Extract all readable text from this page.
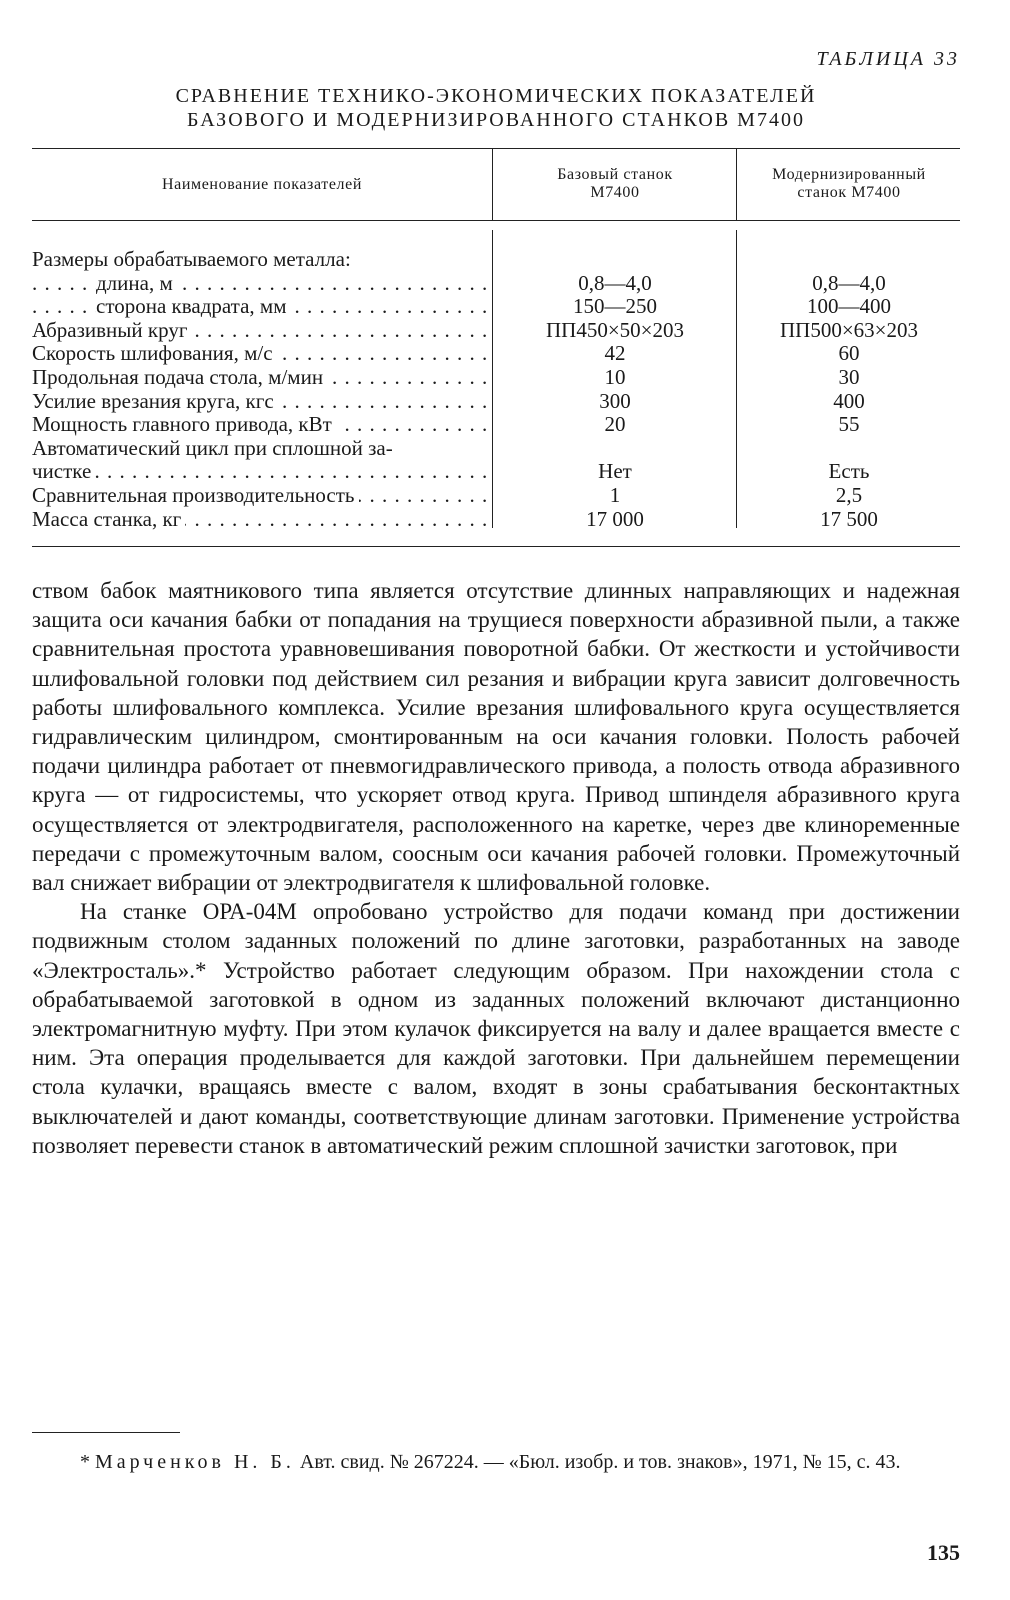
ТАБЛИЦА 33
СРАВНЕНИЕ ТЕХНИКО-ЭКОНОМИЧЕСКИХ ПОКАЗАТЕЛЕЙ
БАЗОВОГО И МОДЕРНИЗИРОВАННОГО СТАНКОВ М7400
Наименование показателей
Базовый станок
М7400
Модернизированный
станок М7400
Размеры обрабатываемого металла:
длина, м . . .
сторона квадрата, мм . . .
Абразивный круг . . .
Скорость шлифования, м/с . . .
Продольная подача стола, м/мин . . .
Усилие врезания круга, кгс . . .
Мощность главного привода, кВт . . .
Автоматический цикл при сплошной за-
чистке . . .
Сравнительная производительность . . .
Масса станка, кг . . .
0,8—4,0
150—250
ПП450×50×203
42
10
300
20
Нет
1
17 000
0,8—4,0
100—400
ПП500×63×203
60
30
400
55
Есть
2,5
17 500

ством бабок маятникового типа является отсутствие длинных направляющих и надежная защита оси качания бабки от попадания на трущиеся поверхности абразивной пыли, а также сравнительная простота уравновешивания поворотной бабки. От жесткости и устойчивости шлифовальной головки под действием сил резания и вибрации круга зависит долговечность работы шлифовального комплекса. Усилие врезания шлифовального круга осуществляется гидравлическим цилиндром, смонтированным на оси качания головки. Полость рабочей подачи цилиндра работает от пневмогидравлического привода, а полость отвода абразивного круга — от гидросистемы, что ускоряет отвод круга. Привод шпинделя абразивного круга осуществляется от электродвигателя, расположенного на каретке, через две клиноременные передачи с промежуточным валом, соосным оси качания рабочей головки. Промежуточный вал снижает вибрации от электродвигателя к шлифовальной головке.

На станке ОРА-04М опробовано устройство для подачи команд при достижении подвижным столом заданных положений по длине заготовки, разработанных на заводе «Электросталь».* Устройство работает следующим образом. При нахождении стола с обрабатываемой заготовкой в одном из заданных положений включают дистанционно электромагнитную муфту. При этом кулачок фиксируется на валу и далее вращается вместе с ним. Эта операция проделывается для каждой заготовки. При дальнейшем перемещении стола кулачки, вращаясь вместе с валом, входят в зоны срабатывания бесконтактных выключателей и дают команды, соответствующие длинам заготовки. Применение устройства позволяет перевести станок в автоматический режим сплошной зачистки заготовок, при

* Марченков Н. Б. Авт. свид. № 267224. — «Бюл. изобр. и тов. знаков», 1971, № 15, с. 43.
135
